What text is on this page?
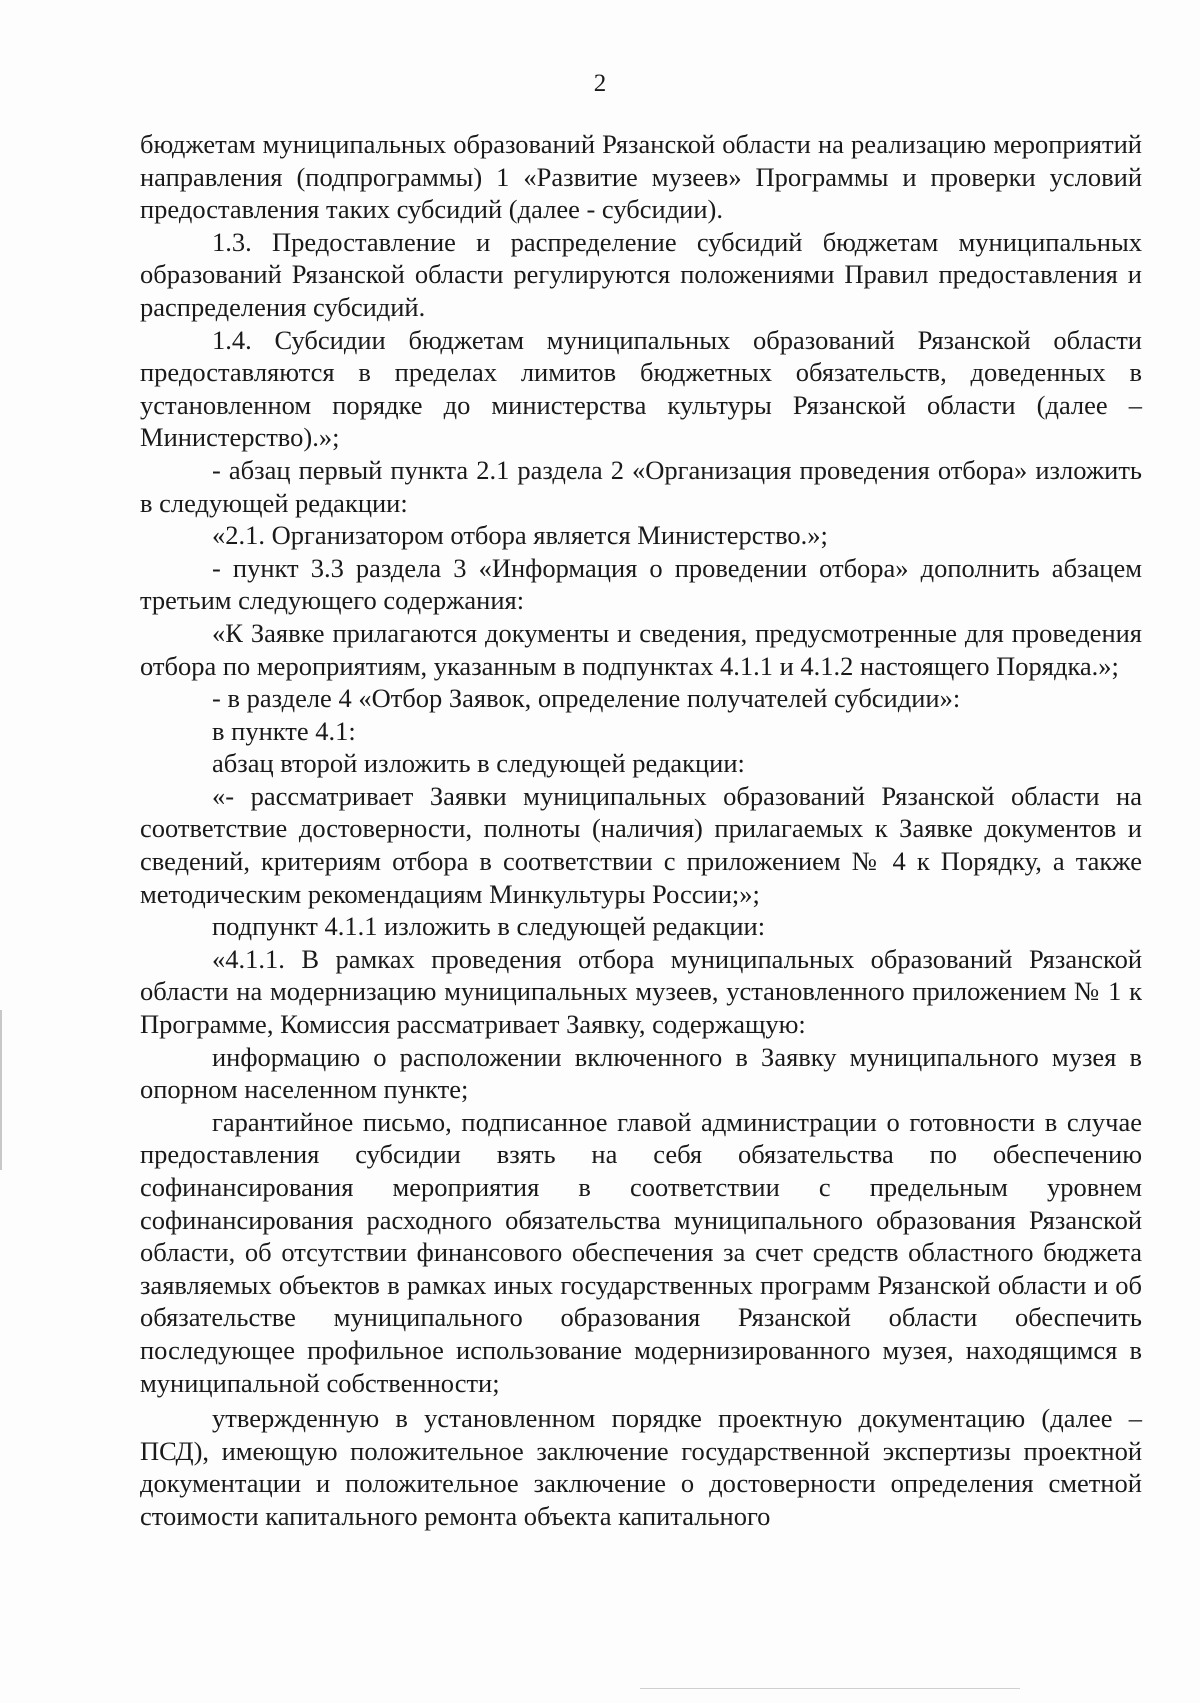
2

бюджетам муниципальных образований Рязанской области на реализацию мероприятий направления (подпрограммы) 1 «Развитие музеев» Программы и проверки условий предоставления таких субсидий (далее - субсидии).

1.3. Предоставление и распределение субсидий бюджетам муниципальных образований Рязанской области регулируются положениями Правил предоставления и распределения субсидий.

1.4. Субсидии бюджетам муниципальных образований Рязанской области предоставляются в пределах лимитов бюджетных обязательств, доведенных в установленном порядке до министерства культуры Рязанской области (далее – Министерство).»;

- абзац первый пункта 2.1 раздела 2 «Организация проведения отбора» изложить в следующей редакции:

«2.1. Организатором отбора является Министерство.»;

- пункт 3.3 раздела 3 «Информация о проведении отбора» дополнить абзацем третьим следующего содержания:

«К Заявке прилагаются документы и сведения, предусмотренные для проведения отбора по мероприятиям, указанным в подпунктах 4.1.1 и 4.1.2 настоящего Порядка.»;

- в разделе 4 «Отбор Заявок, определение получателей субсидии»:

в пункте 4.1:

абзац второй изложить в следующей редакции:

«- рассматривает Заявки муниципальных образований Рязанской области на соответствие достоверности, полноты (наличия) прилагаемых к Заявке документов и сведений, критериям отбора в соответствии с приложением № 4 к Порядку, а также методическим рекомендациям Минкультуры России;»;

подпункт 4.1.1 изложить в следующей редакции:

«4.1.1. В рамках проведения отбора муниципальных образований Рязанской области на модернизацию муниципальных музеев, установленного приложением № 1 к Программе, Комиссия рассматривает Заявку, содержащую:

информацию о расположении включенного в Заявку муниципального музея в опорном населенном пункте;

гарантийное письмо, подписанное главой администрации о готовности в случае предоставления субсидии взять на себя обязательства по обеспечению софинансирования мероприятия в соответствии с предельным уровнем софинансирования расходного обязательства муниципального образования Рязанской области, об отсутствии финансового обеспечения за счет средств областного бюджета заявляемых объектов в рамках иных государственных программ Рязанской области и об обязательстве муниципального образования Рязанской области обеспечить последующее профильное использование модернизированного музея, находящимся в муниципальной собственности;

утвержденную в установленном порядке проектную документацию (далее – ПСД), имеющую положительное заключение государственной экспертизы проектной документации и положительное заключение о достоверности определения сметной стоимости капитального ремонта объекта капитального
